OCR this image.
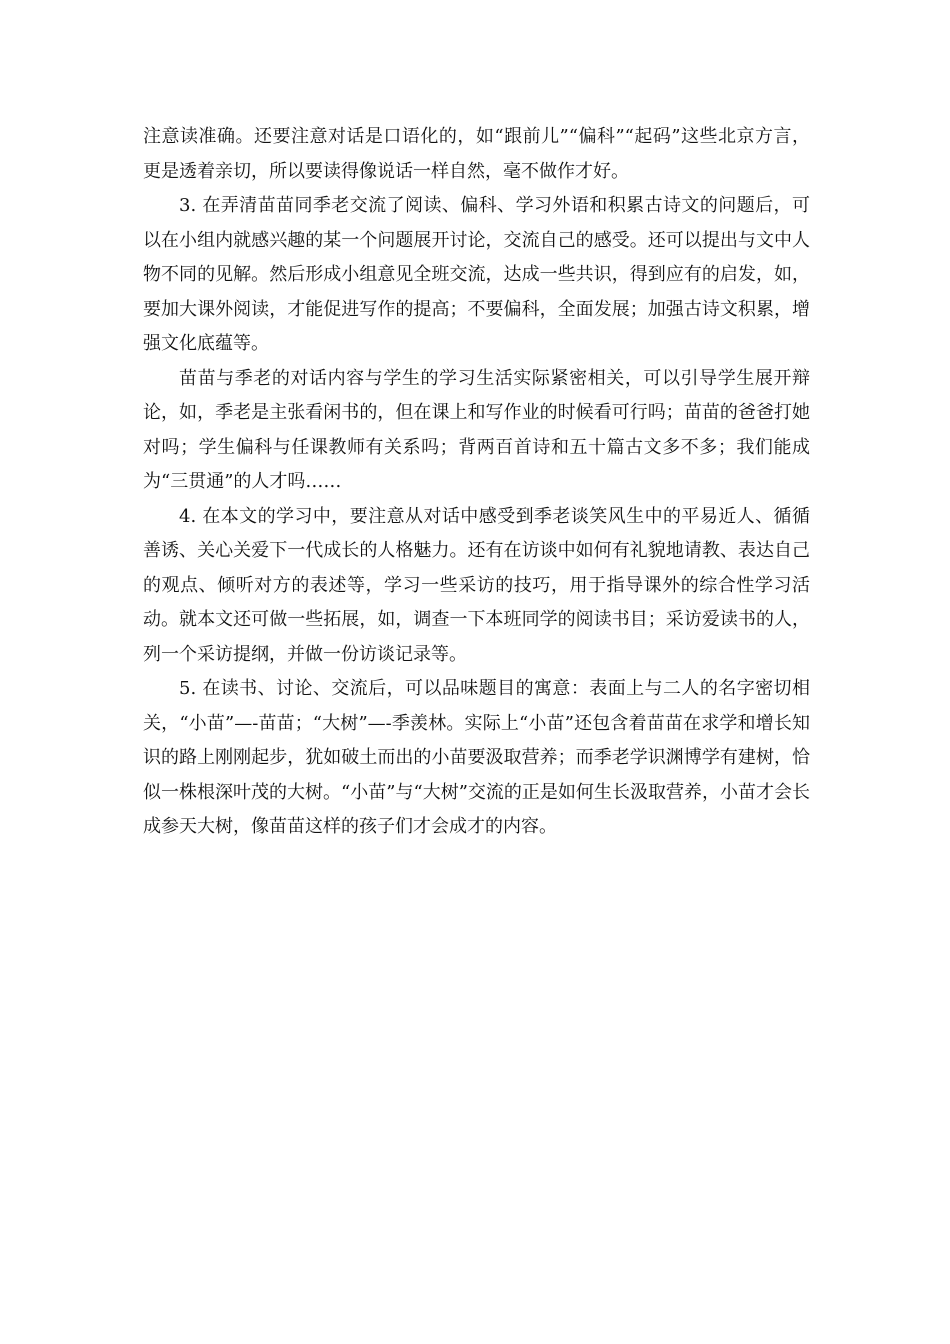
注意读准确。还要注意对话是口语化的，如“跟前儿”“偏科”“起码”这些北京方言，更是透着亲切，所以要读得像说话一样自然，毫不做作才好。

3. 在弄清苗苗同季老交流了阅读、偏科、学习外语和积累古诗文的问题后，可以在小组内就感兴趣的某一个问题展开讨论，交流自己的感受。还可以提出与文中人物不同的见解。然后形成小组意见全班交流，达成一些共识，得到应有的启发，如，要加大课外阅读，才能促进写作的提高；不要偏科，全面发展；加强古诗文积累，增强文化底蕴等。

苗苗与季老的对话内容与学生的学习生活实际紧密相关，可以引导学生展开辩论，如，季老是主张看闲书的，但在课上和写作业的时候看可行吗；苗苗的爸爸打她对吗；学生偏科与任课教师有关系吗；背两百首诗和五十篇古文多不多；我们能成为“三贯通”的人才吗……

4. 在本文的学习中，要注意从对话中感受到季老谈笑风生中的平易近人、循循善诱、关心关爱下一代成长的人格魅力。还有在访谈中如何有礼貌地请教、表达自己的观点、倾听对方的表述等，学习一些采访的技巧，用于指导课外的综合性学习活动。就本文还可做一些拓展，如，调查一下本班同学的阅读书目；采访爱读书的人，列一个采访提纲，并做一份访谈记录等。

5. 在读书、讨论、交流后，可以品味题目的寓意：表面上与二人的名字密切相关，“小苗”—-苗苗；“大树”—-季羡林。实际上“小苗”还包含着苗苗在求学和增长知识的路上刚刚起步，犹如破土而出的小苗要汲取营养；而季老学识渊博学有建树，恰似一株根深叶茂的大树。“小苗”与“大树”交流的正是如何生长汲取营养，小苗才会长成参天大树，像苗苗这样的孩子们才会成才的内容。
